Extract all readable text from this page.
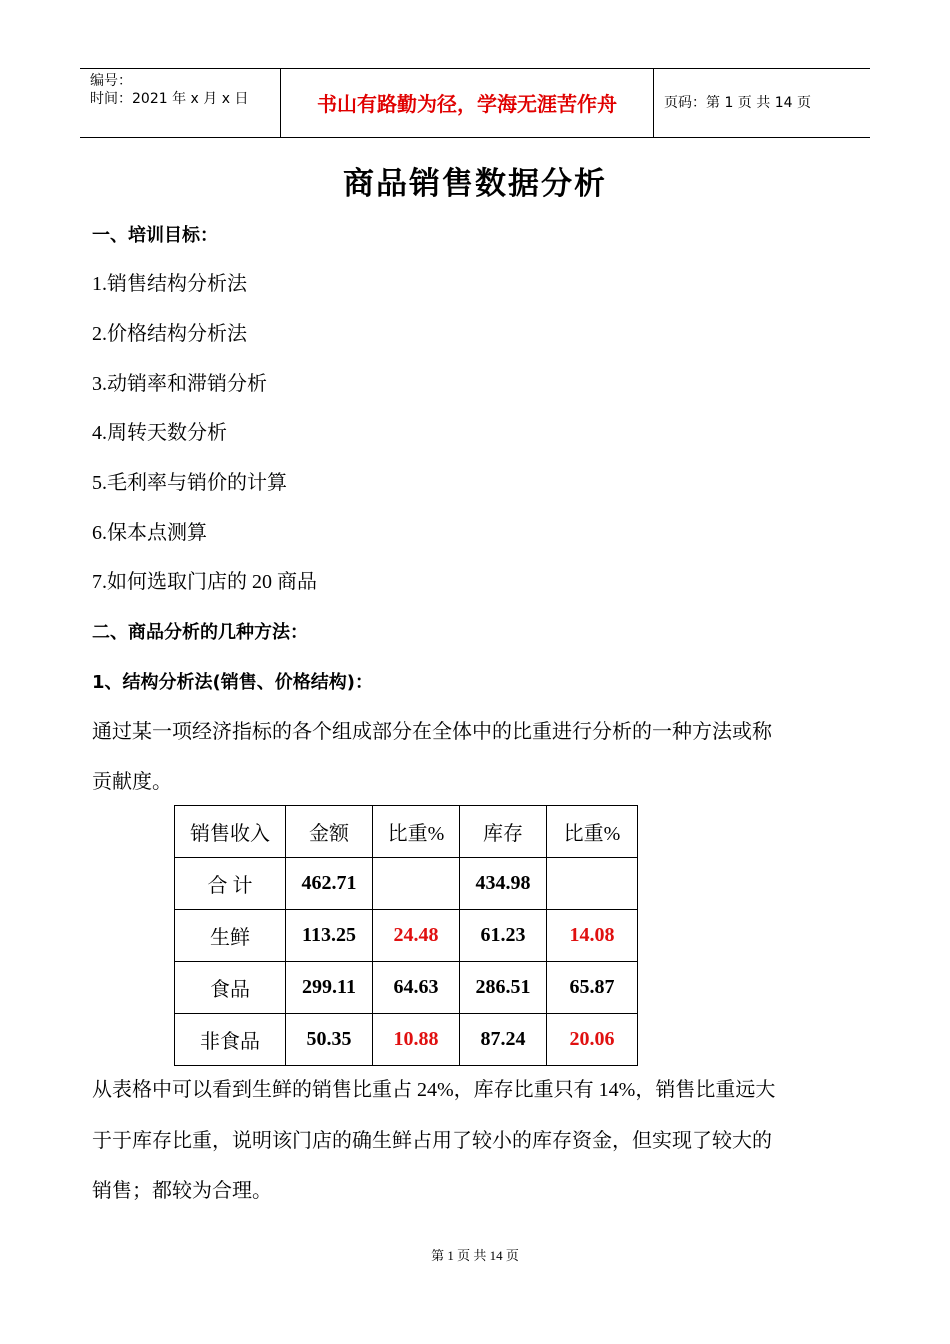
编号：
时间：2021 年 x 月 x 日	书山有路勤为径，学海无涯苦作舟	页码：第 1 页 共 14 页
商品销售数据分析
一、培训目标：
1.销售结构分析法
2.价格结构分析法
3.动销率和滞销分析
4.周转天数分析
5.毛利率与销价的计算
6.保本点测算
7.如何选取门店的 20 商品
二、商品分析的几种方法：
1、结构分析法(销售、价格结构)：
通过某一项经济指标的各个组成部分在全体中的比重进行分析的一种方法或称
贡献度。
销售收入	金额	比重%	库存	比重%
合 计	462.71		434.98	
生鲜	113.25	24.48	61.23	14.08
食品	299.11	64.63	286.51	65.87
非食品	50.35	10.88	87.24	20.06
从表格中可以看到生鲜的销售比重占 24%，库存比重只有 14%，销售比重远大
于于库存比重，说明该门店的确生鲜占用了较小的库存资金，但实现了较大的
销售；都较为合理。
第 1 页 共 14 页
